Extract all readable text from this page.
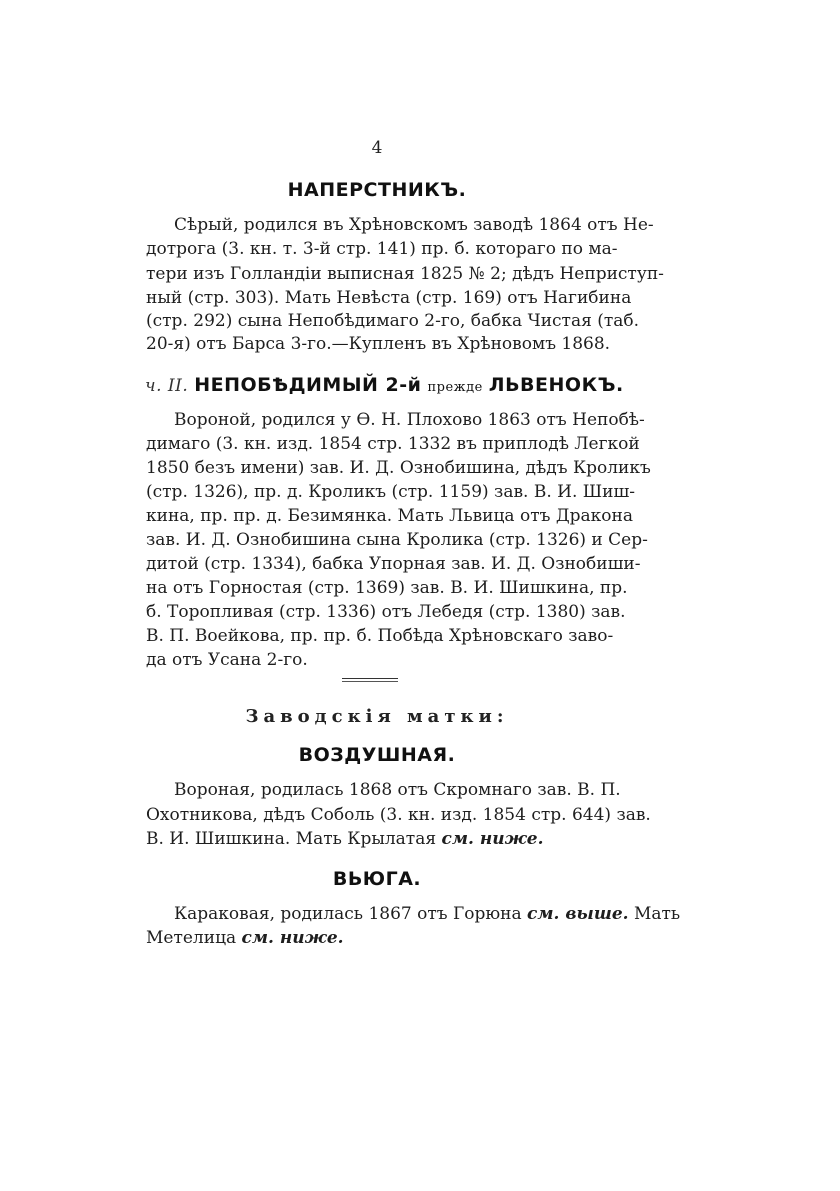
4
НАПЕРСТНИКЪ.
Сѣрый, родился въ Хрѣновскомъ заводѣ 1864 отъ Не-
дотрога (3. кн. т. 3-й стр. 141) пр. б. котораго по ма-
тери изъ Голландіи выписная 1825 № 2; дѣдъ Неприступ-
ный (стр. 303). Мать Невѣста (стр. 169) отъ Нагибина
(стр. 292) сына Непобѣдимаго 2-го, бабка Чистая (таб.
20-я) отъ Барса 3-го.—Купленъ въ Хрѣновомъ 1868.
ч. II. НЕПОБѢДИМЫЙ 2-й прежде ЛЬВЕНОКЪ.
Вороной, родился у Ѳ. Н. Плохово 1863 отъ Непобѣ-
димаго (3. кн. изд. 1854 стр. 1332 въ приплодѣ Легкой
1850 безъ имени) зав. И. Д. Ознобишина, дѣдъ Кроликъ
(стр. 1326), пр. д. Кроликъ (стр. 1159) зав. В. И. Шиш-
кина, пр. пр. д. Безимянка. Мать Львица отъ Дракона
зав. И. Д. Ознобишина сына Кролика (стр. 1326) и Сер-
дитой (стр. 1334), бабка Упорная зав. И. Д. Ознобиши-
на отъ Горностая (стр. 1369) зав. В. И. Шишкина, пр.
б. Торопливая (стр. 1336) отъ Лебедя (стр. 1380) зав.
В. П. Воейкова, пр. пр. б. Побѣда Хрѣновскаго заво-
да отъ Усана 2-го.
Заводскія матки:
ВОЗДУШНАЯ.
Вороная, родилась 1868 отъ Скромнаго зав. В. П.
Охотникова, дѣдъ Соболь (3. кн. изд. 1854 стр. 644) зав.
В. И. Шишкина. Мать Крылатая см. ниже.
ВЬЮГА.
Караковая, родилась 1867 отъ Горюна см. выше. Мать
Метелица см. ниже.
